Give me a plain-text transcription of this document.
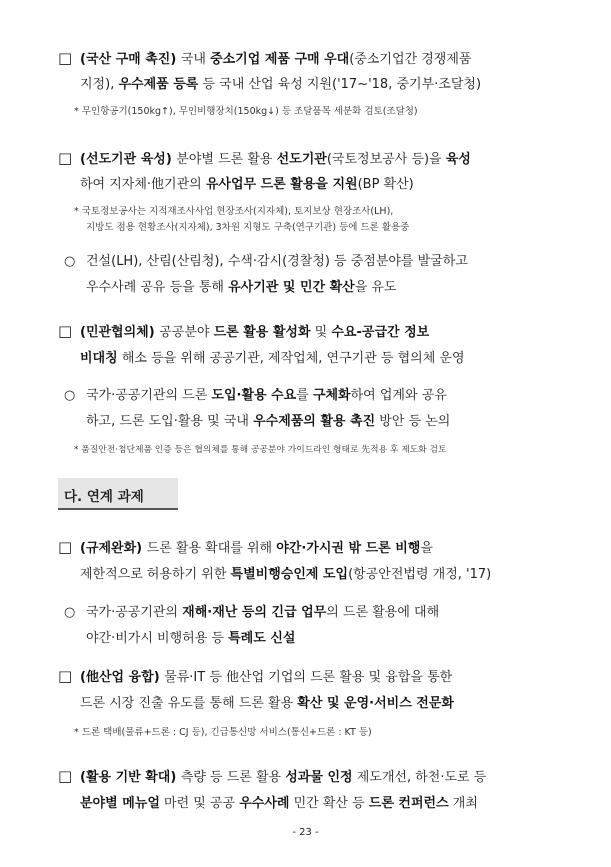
□ (국산 구매 촉진) 국내 중소기업 제품 구매 우대(중소기업간 경쟁제품
지정), 우수제품 등록 등 국내 산업 육성 지원('17~'18, 중기부·조달청)
* 무인항공기(150kg↑), 무인비행장치(150kg↓) 등 조달품목 세분화 검토(조달청)
□ (선도기관 육성) 분야별 드론 활용 선도기관(국토정보공사 등)을 육성
하여 지자체·他기관의 유사업무 드론 활용을 지원(BP 확산)
* 국토정보공사는 지적재조사사업 현장조사(지자체), 토지보상 현장조사(LH),
지방도 점용 현황조사(지자체), 3차원 지형도 구축(연구기관) 등에 드론 활용중
○ 건설(LH), 산림(산림청), 수색·감시(경찰청) 등 중점분야를 발굴하고
우수사례 공유 등을 통해 유사기관 및 민간 확산을 유도
□ (민관협의체) 공공분야 드론 활용 활성화 및 수요-공급간 정보
비대칭 해소 등을 위해 공공기관, 제작업체, 연구기관 등 협의체 운영
○ 국가·공공기관의 드론 도입·활용 수요를 구체화하여 업계와 공유
하고, 드론 도입·활용 및 국내 우수제품의 활용 촉진 방안 등 논의
* 품질안전·첨단제품 인증 등은 협의체를 통해 공공분야 가이드라인 형태로 先적용 후 제도화 검토
다. 연계 과제
□ (규제완화) 드론 활용 확대를 위해 야간·가시권 밖 드론 비행을
제한적으로 허용하기 위한 특별비행승인제 도입(항공안전법령 개정, '17)
○ 국가·공공기관의 재해·재난 등의 긴급 업무의 드론 활용에 대해
야간·비가시 비행허용 등 특례도 신설
□ (他산업 융합) 물류·IT 등 他산업 기업의 드론 활용 및 융합을 통한
드론 시장 진출 유도를 통해 드론 활용 확산 및 운영·서비스 전문화
* 드론 택배(물류+드론 : CJ 등), 긴급통신망 서비스(통신+드론 : KT 등)
□ (활용 기반 확대) 측량 등 드론 활용 성과물 인정 제도개선, 하천·도로 등
분야별 메뉴얼 마련 및 공공 우수사례 민간 확산 등 드론 컨퍼런스 개최
- 23 -
